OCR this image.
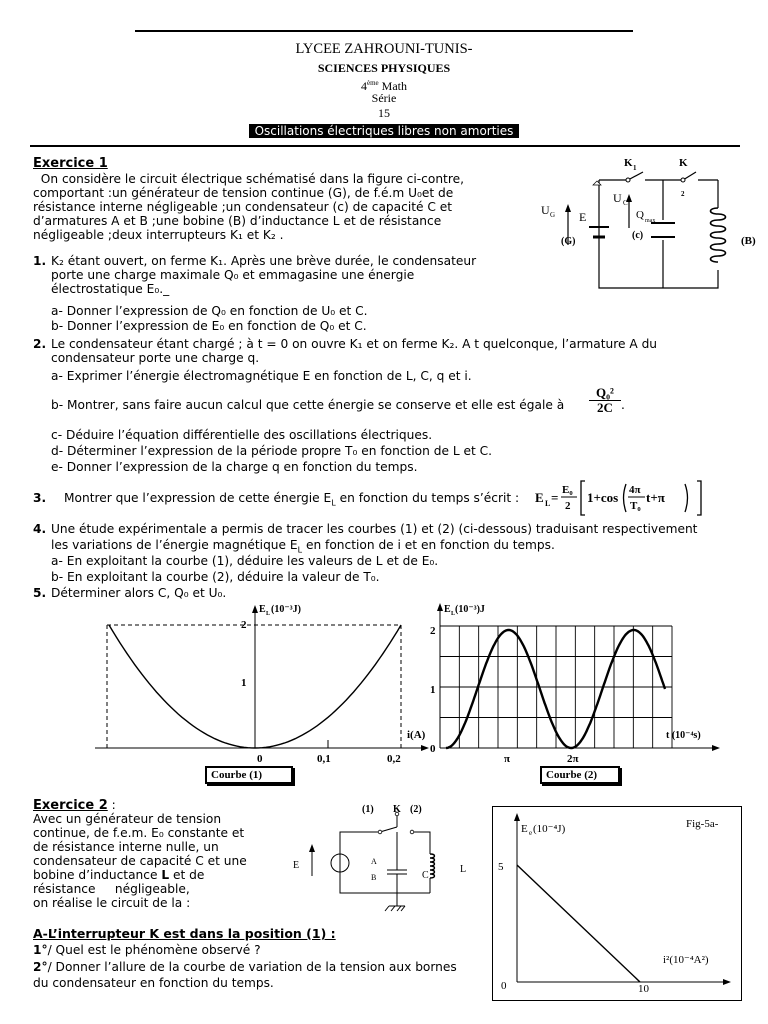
LYCEE ZAHROUNI-TUNIS-
SCIENCES PHYSIQUES
4ème Math
Série
15
Oscillations électriques libres non amorties
Exercice 1
On considère le circuit électrique schématisé dans la figure ci-contre,
comportant :un générateur de tension continue (G), de f.é.m U₀et de
résistance interne négligeable ;un condensateur (c) de capacité C et
d’armatures A et B ;une bobine (B) d’inductance L et de résistance
négligeable ;deux interrupteurs K₁ et K₂ .
1. K₂ étant ouvert, on ferme K₁. Après une brève durée, le condensateur
porte une charge maximale Q₀ et emmagasine une énergie
électrostatique E₀._
a- Donner l’expression de Q₀ en fonction de U₀ et C.
b- Donner l’expression de E₀ en fonction de Q₀ et C.
2. Le condensateur étant chargé ; à t = 0 on ouvre K₁ et on ferme K₂. A t quelconque, l’armature A du
condensateur porte une charge q.
a- Exprimer l’énergie électromagnétique E en fonction de L, C, q et i.
b- Montrer, sans faire aucun calcul que cette énergie se conserve et elle est égale à $\frac{\text{Q₀²}}{2C}$ .
c- Déduire l’équation différentielle des oscillations électriques.
d- Déterminer l’expression de la période propre T₀ en fonction de L et C.
e- Donner l’expression de la charge q en fonction du temps.
3. Montrer que l’expression de cette énergie $E_L$ en fonction du temps s’écrit : E L = E₀
2
1+cos 4π
T₀
t+π
4. Une étude expérimentale a permis de tracer les courbes (1) et (2) (ci-dessous) traduisant respectivement
les variations de l’énergie magnétique $E_L$ en fonction de i et en fonction du temps.
a- En exploitant la courbe (1), déduire les valeurs de L et de E₀.
b- En exploitant la courbe (2), déduire la valeur de T₀.
5. Déterminer alors C, Q₀ et U₀.
K 1	K
2
U G E
(G)
U C
Q max
(c)	(B)
E L (10⁻³J)
2
1
0	0,1	0,2
i(A)
Courbe (1)
E L (10⁻³)J
2
1
0
π	2π
t (10⁻⁴s)
Courbe (2)
Exercice 2 :
Avec un générateur de tension
continue, de f.e.m. E₀ constante et
de résistance interne nulle, un
condensateur de capacité C et une
bobine d’inductance L et de
résistance     négligeable,
on réalise le circuit de la :
A-L’interrupteur K est dans la position (1) :
1°/ Quel est le phénomène observé ?
2°/ Donner l’allure de la courbe de variation de la tension aux bornes
du condensateur en fonction du temps.
(1) K (2)
E	A
B	C
L
Fig-5a-
E e (10⁻⁴J)
5
0	10
i²(10⁻⁴A²)
